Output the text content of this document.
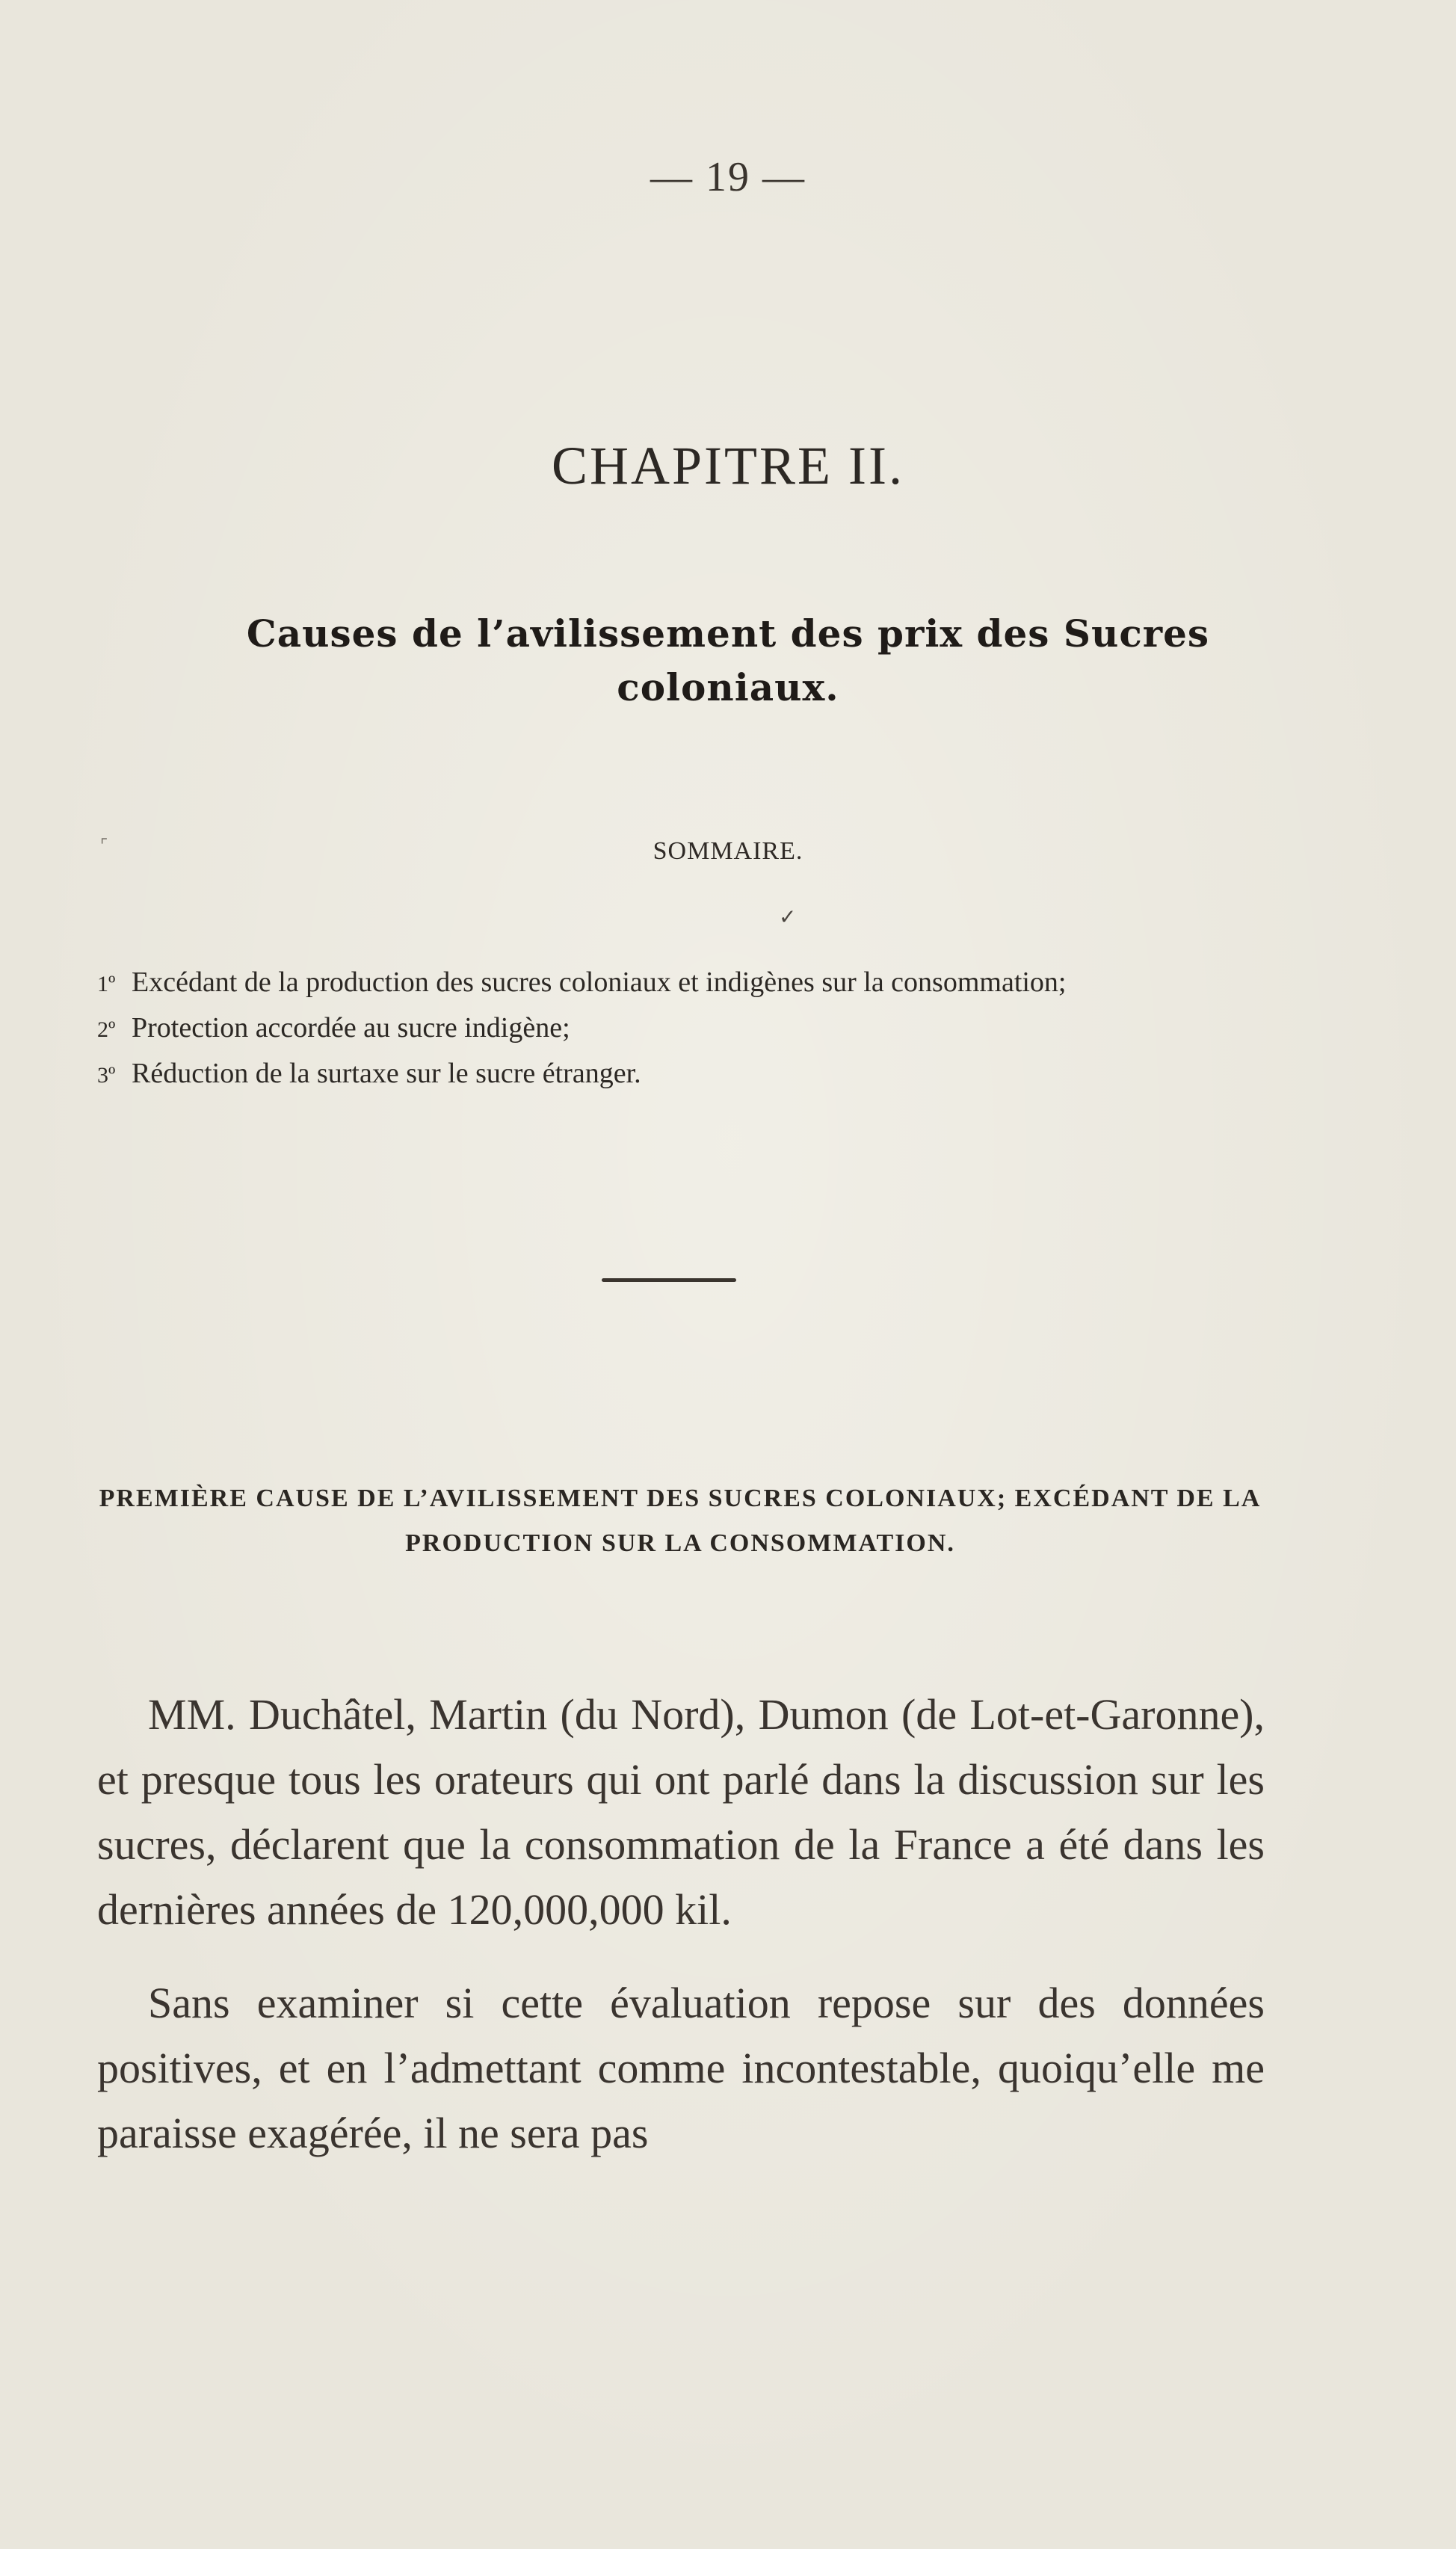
— 19 —
CHAPITRE II.
Causes de l’avilissement des prix des Sucres coloniaux.
⌜	SOMMAIRE.
✓
1º Excédant de la production des sucres coloniaux et indigènes sur la consommation;
2º Protection accordée au sucre indigène;
3º Réduction de la surtaxe sur le sucre étranger.
PREMIÈRE CAUSE DE L’AVILISSEMENT DES SUCRES COLONIAUX; EXCÉDANT DE LA PRODUCTION SUR LA CONSOMMATION.

MM. Duchâtel, Martin (du Nord), Dumon (de Lot-et-Garonne), et presque tous les orateurs qui ont parlé dans la discussion sur les sucres, déclarent que la consommation de la France a été dans les dernières années de 120,000,000 kil.

Sans examiner si cette évaluation repose sur des données positives, et en l’admettant comme incontestable, quoiqu’elle me paraisse exagérée, il ne sera pas
